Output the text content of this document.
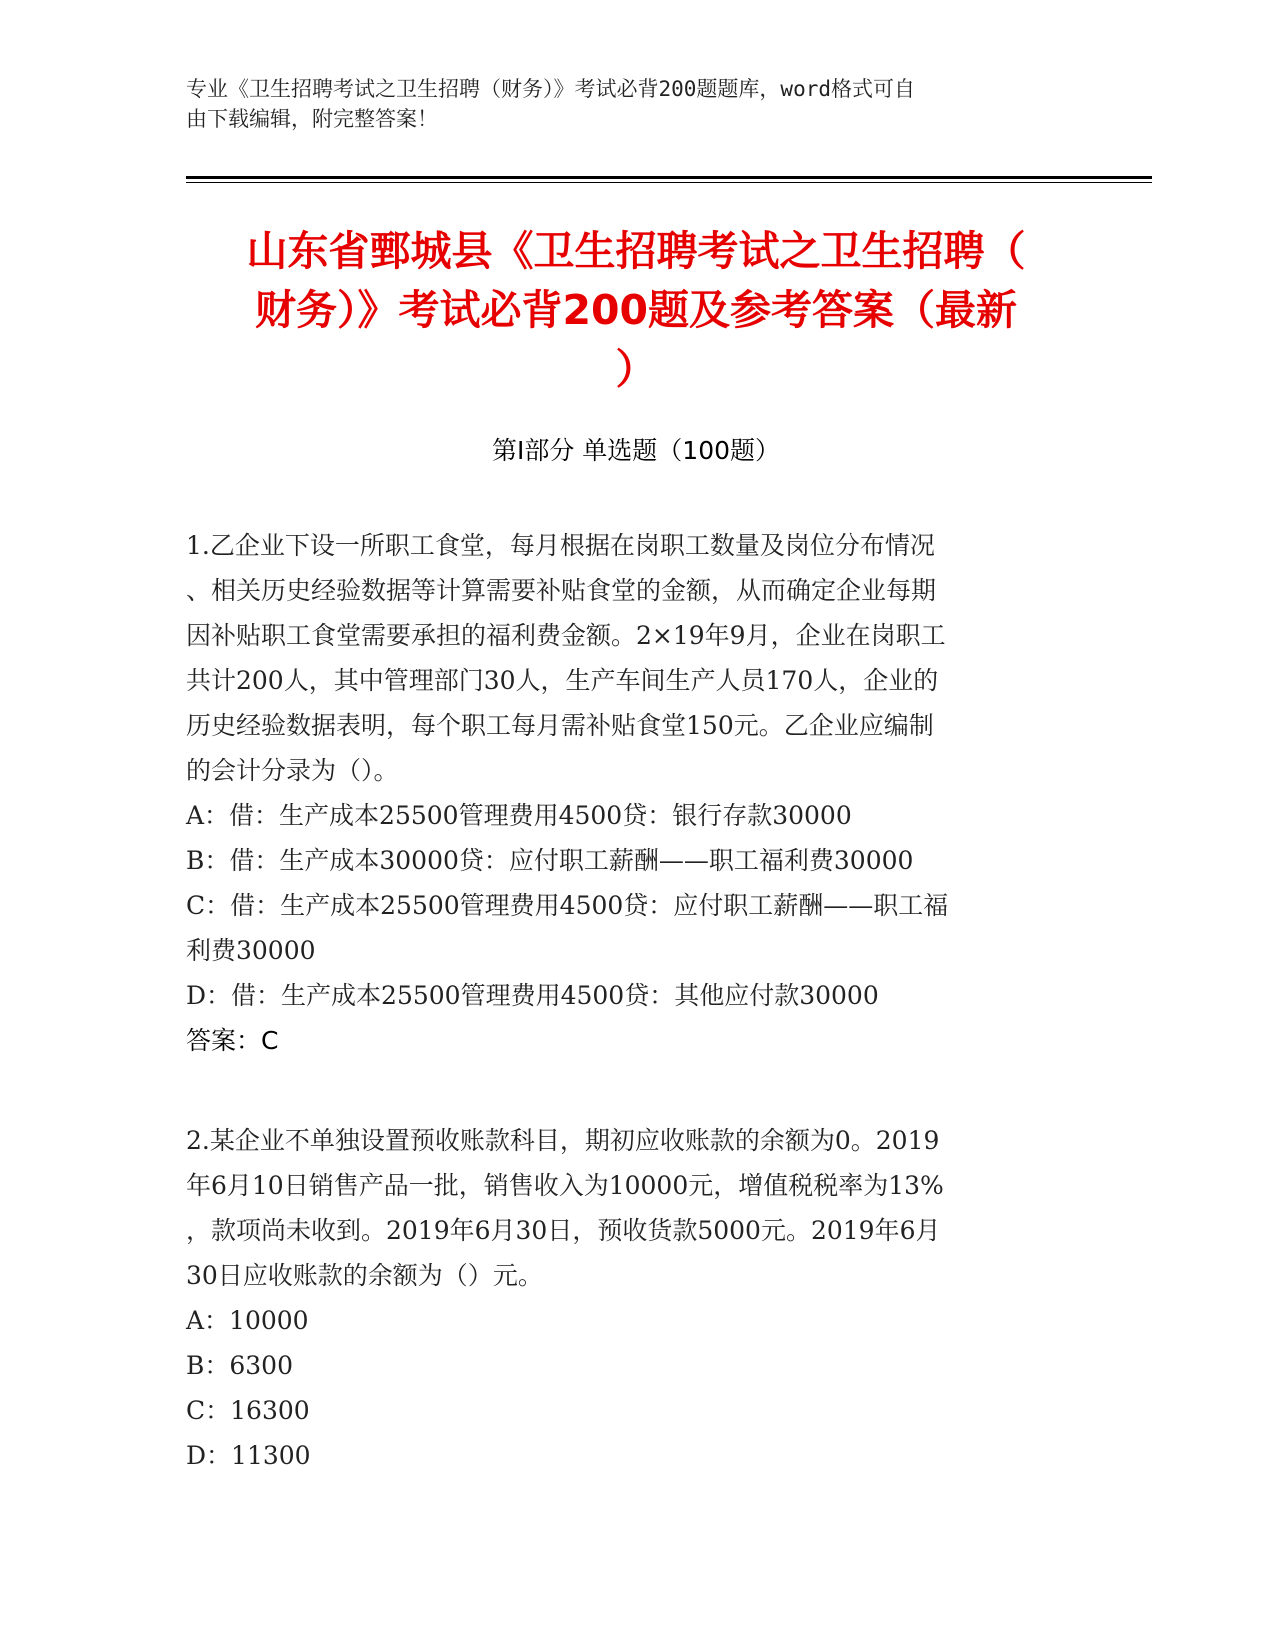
专业《卫生招聘考试之卫生招聘（财务）》考试必背200题题库，word格式可自

由下载编辑，附完整答案！

山东省鄄城县《卫生招聘考试之卫生招聘（

财务）》考试必背200题及参考答案（最新

）

第I部分 单选题（100题）

1.乙企业下设一所职工食堂，每月根据在岗职工数量及岗位分布情况

、相关历史经验数据等计算需要补贴食堂的金额，从而确定企业每期

因补贴职工食堂需要承担的福利费金额。2×19年9月，企业在岗职工

共计200人，其中管理部门30人，生产车间生产人员170人，企业的

历史经验数据表明，每个职工每月需补贴食堂150元。乙企业应编制

的会计分录为（）。

A：借：生产成本25500管理费用4500贷：银行存款30000
B：借：生产成本30000贷：应付职工薪酬——职工福利费30000
C：借：生产成本25500管理费用4500贷：应付职工薪酬——职工福
利费30000
D：借：生产成本25500管理费用4500贷：其他应付款30000

答案：C

2.某企业不单独设置预收账款科目，期初应收账款的余额为0。2019

年6月10日销售产品一批，销售收入为10000元，增值税税率为13%

，款项尚未收到。2019年6月30日，预收货款5000元。2019年6月

30日应收账款的余额为（）元。

A：10000
B：6300
C：16300
D：11300
